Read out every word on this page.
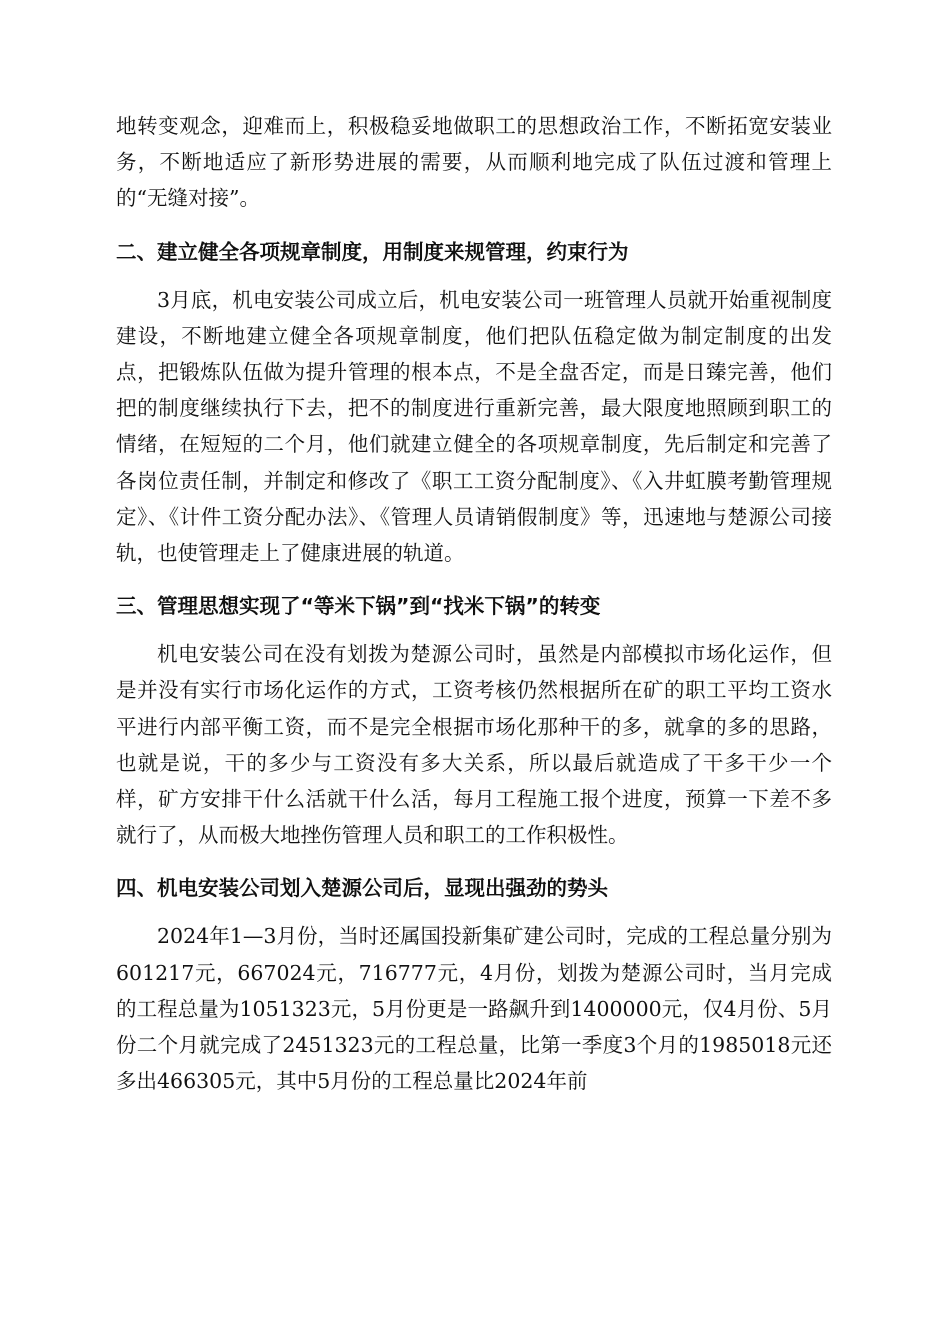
地转变观念，迎难而上，积极稳妥地做职工的思想政治工作，不断拓宽安装业务，不断地适应了新形势进展的需要，从而顺利地完成了队伍过渡和管理上的“无缝对接”。

二、建立健全各项规章制度，用制度来规管理，约束行为

3月底，机电安装公司成立后，机电安装公司一班管理人员就开始重视制度建设，不断地建立健全各项规章制度，他们把队伍稳定做为制定制度的出发点，把锻炼队伍做为提升管理的根本点，不是全盘否定，而是日臻完善，他们把的制度继续执行下去，把不的制度进行重新完善，最大限度地照顾到职工的情绪，在短短的二个月，他们就建立健全的各项规章制度，先后制定和完善了各岗位责任制，并制定和修改了《职工工资分配制度》、《入井虹膜考勤管理规定》、《计件工资分配办法》、《管理人员请销假制度》等，迅速地与楚源公司接轨，也使管理走上了健康进展的轨道。

三、管理思想实现了“等米下锅”到“找米下锅”的转变

机电安装公司在没有划拨为楚源公司时，虽然是内部模拟市场化运作，但是并没有实行市场化运作的方式，工资考核仍然根据所在矿的职工平均工资水平进行内部平衡工资，而不是完全根据市场化那种干的多，就拿的多的思路，也就是说，干的多少与工资没有多大关系，所以最后就造成了干多干少一个样，矿方安排干什么活就干什么活，每月工程施工报个进度，预算一下差不多就行了，从而极大地挫伤管理人员和职工的工作积极性。

四、机电安装公司划入楚源公司后，显现出强劲的势头

2024年1—3月份，当时还属国投新集矿建公司时，完成的工程总量分别为601217元，667024元，716777元，4月份，划拨为楚源公司时，当月完成的工程总量为1051323元，5月份更是一路飙升到1400000元，仅4月份、5月份二个月就完成了2451323元的工程总量，比第一季度3个月的1985018元还多出466305元，其中5月份的工程总量比2024年前
